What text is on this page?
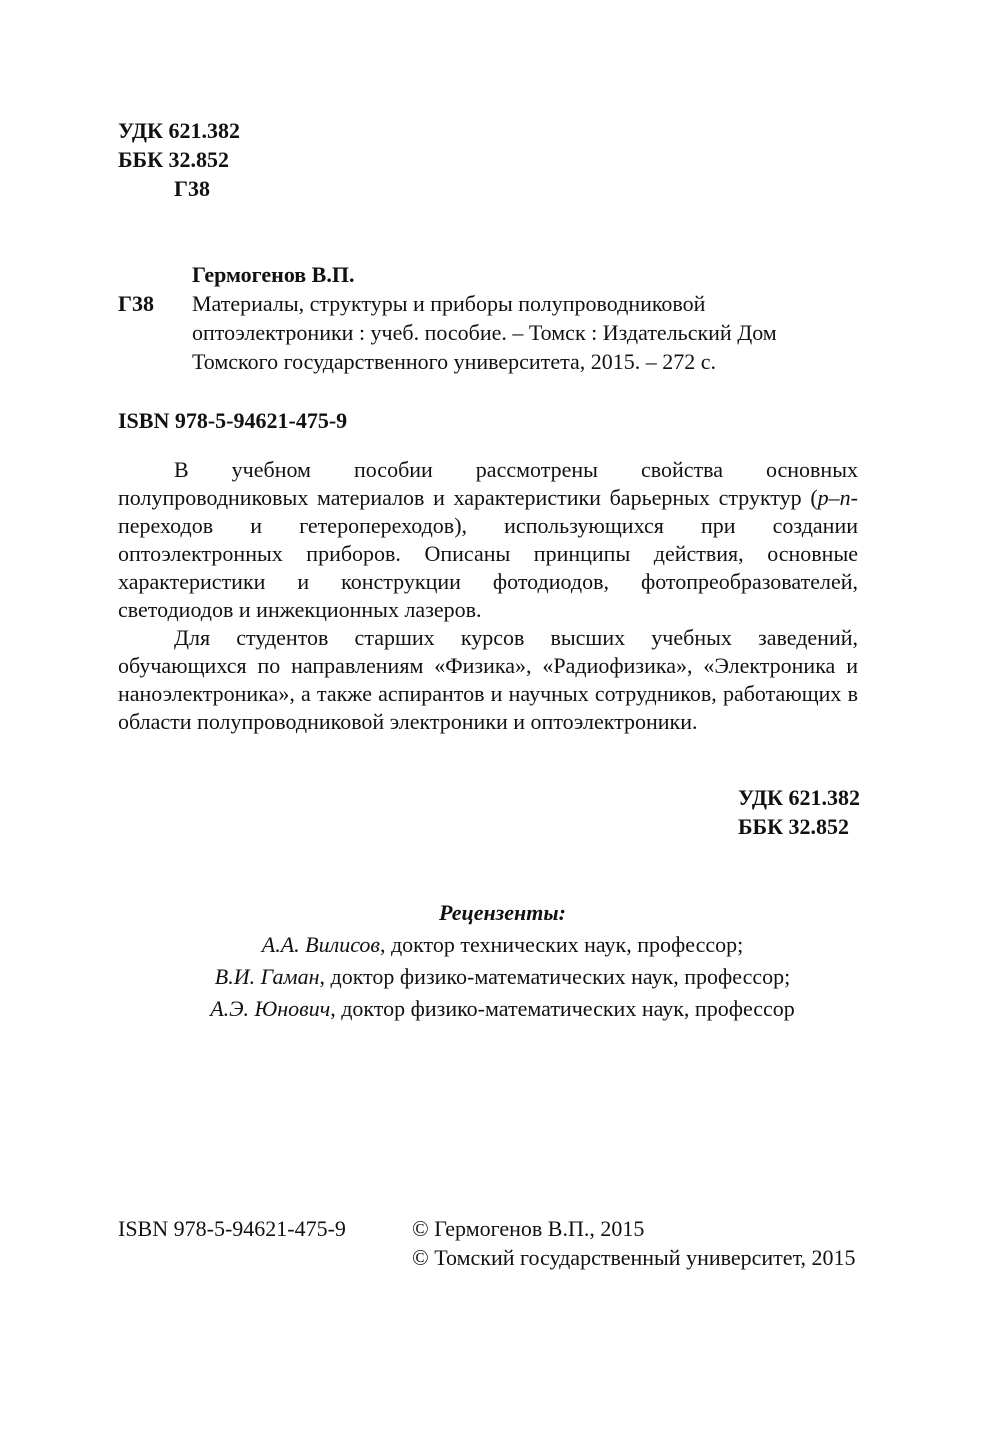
УДК 621.382
ББК 32.852
Г38
Гермогенов В.П.
Г38 Материалы, структуры и приборы полупроводниковой
оптоэлектроники : учеб. пособие. – Томск : Издательский Дом
Томского государственного университета, 2015. – 272 с.
ISBN 978-5-94621-475-9

В учебном пособии рассмотрены свойства основных полупроводниковых материалов и характеристики барьерных структур (p–n-переходов и гетеропереходов), использующихся при создании оптоэлектронных приборов. Описаны принципы действия, основные характеристики и конструкции фотодиодов, фотопреобразователей, светодиодов и инжекционных лазеров.

Для студентов старших курсов высших учебных заведений, обучающихся по направлениям «Физика», «Радиофизика», «Электроника и наноэлектроника», а также аспирантов и научных сотрудников, работающих в области полупроводниковой электроники и оптоэлектроники.

УДК 621.382
ББК 32.852
Рецензенты:
А.А. Вилисов, доктор технических наук, профессор;
В.И. Гаман, доктор физико-математических наук, профессор;
А.Э. Юнович, доктор физико-математических наук, профессор
ISBN 978-5-94621-475-9	© Гермогенов В.П., 2015
© Томский государственный университет, 2015
